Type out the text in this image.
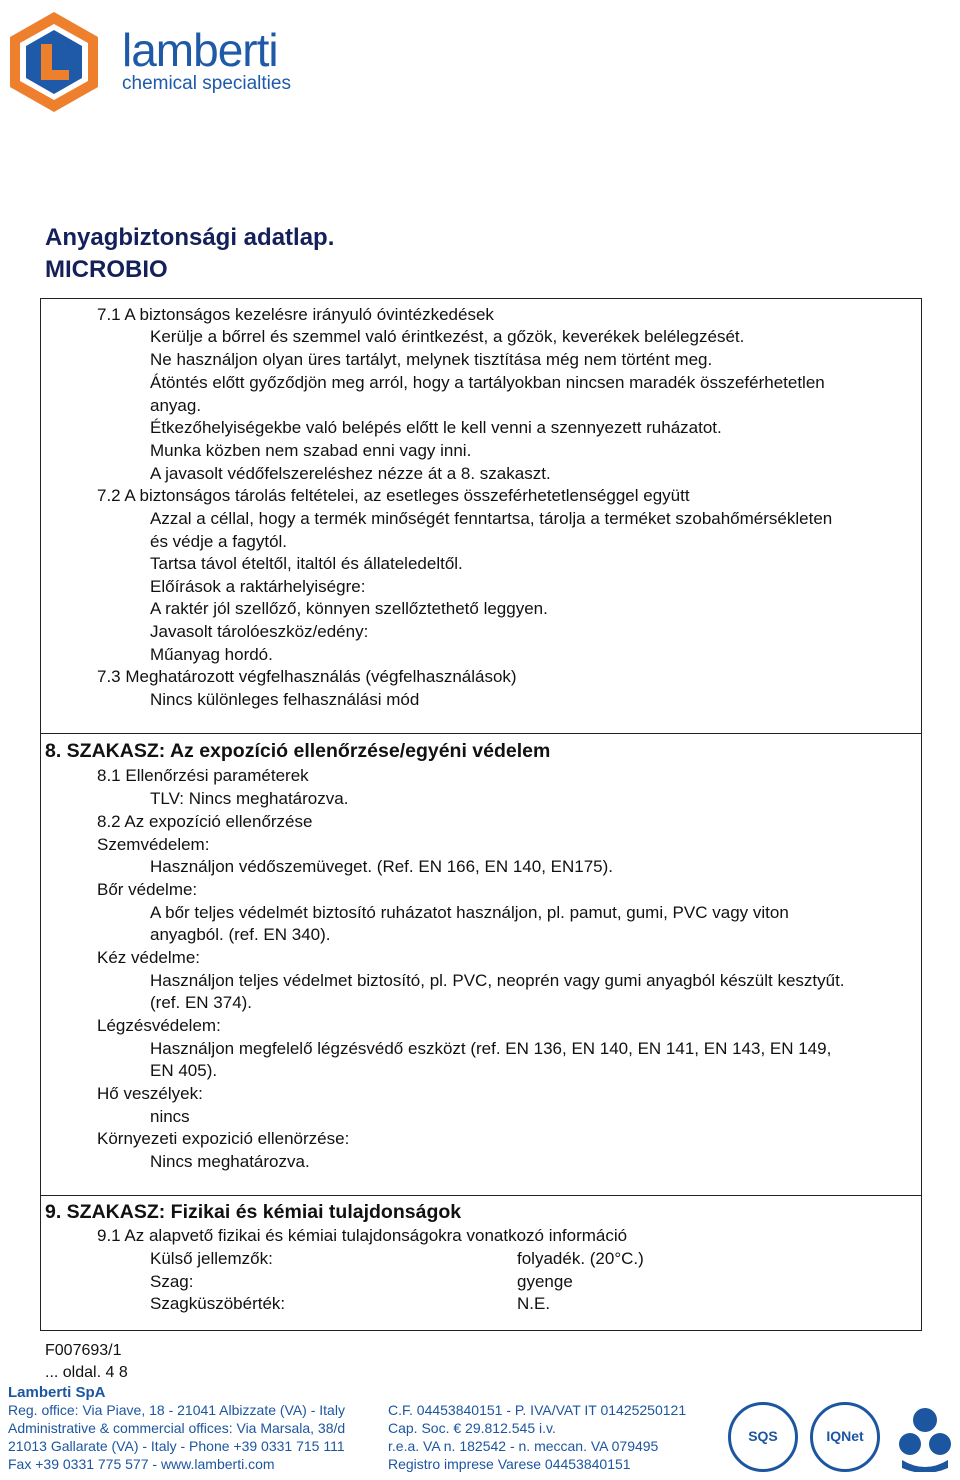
lamberti
chemical specialties
Anyagbiztonsági adatlap.
MICROBIO
7.1 A biztonságos kezelésre irányuló óvintézkedések
Kerülje a bőrrel és szemmel való érintkezést, a gőzök, keverékek belélegzését.
Ne használjon olyan üres tartályt, melynek tisztítása még nem történt meg.
Átöntés előtt győződjön meg arról, hogy a tartályokban nincsen maradék összeférhetetlen
anyag.
Étkezőhelyiségekbe való belépés előtt le kell venni a szennyezett ruházatot.
Munka közben nem szabad enni vagy inni.
A javasolt védőfelszereléshez nézze át a 8. szakaszt.
7.2 A biztonságos tárolás feltételei, az esetleges összeférhetetlenséggel együtt
Azzal a céllal, hogy a termék minőségét fenntartsa, tárolja a terméket szobahőmérsékleten
és védje a fagytól.
Tartsa távol ételtől, italtól és állateledeltől.
Előírások a raktárhelyiségre:
A raktér jól szellőző, könnyen szellőztethető leggyen.
Javasolt tárolóeszköz/edény:
Műanyag hordó.
7.3 Meghatározott végfelhasználás (végfelhasználások)
Nincs különleges felhasználási mód
8. SZAKASZ: Az expozíció ellenőrzése/egyéni védelem
8.1 Ellenőrzési paraméterek
TLV: Nincs meghatározva.
8.2 Az expozíció ellenőrzése
Szemvédelem:
Használjon védőszemüveget. (Ref. EN 166, EN 140, EN175).
Bőr védelme:
A bőr teljes védelmét biztosító ruházatot használjon, pl. pamut, gumi, PVC vagy viton
anyagból. (ref. EN 340).
Kéz védelme:
Használjon teljes védelmet biztosító, pl. PVC, neoprén vagy gumi anyagból készült kesztyűt.
(ref. EN 374).
Légzésvédelem:
Használjon megfelelő légzésvédő eszközt (ref. EN 136, EN 140, EN 141, EN 143, EN 149,
EN 405).
Hő veszélyek:
nincs
Környezeti expozició ellenörzése:
Nincs meghatározva.
9. SZAKASZ: Fizikai és kémiai tulajdonságok
9.1 Az alapvető fizikai és kémiai tulajdonságokra vonatkozó információ
Külső jellemzők:	folyadék. (20°C.)
Szag:	gyenge
Szagküszöbérték:	N.E.
F007693/1
... oldal. 4 8
Lamberti SpA
Reg. office: Via Piave, 18 - 21041 Albizzate (VA) - Italy
Administrative & commercial offices: Via Marsala, 38/d
21013 Gallarate (VA) - Italy - Phone +39 0331 715 111
Fax +39 0331 775 577 - www.lamberti.com
C.F. 04453840151 - P. IVA/VAT IT 01425250121
Cap. Soc. € 29.812.545 i.v.
r.e.a. VA n. 182542 - n. meccan. VA 079495
Registro imprese Varese 04453840151
SQS	IQNet
